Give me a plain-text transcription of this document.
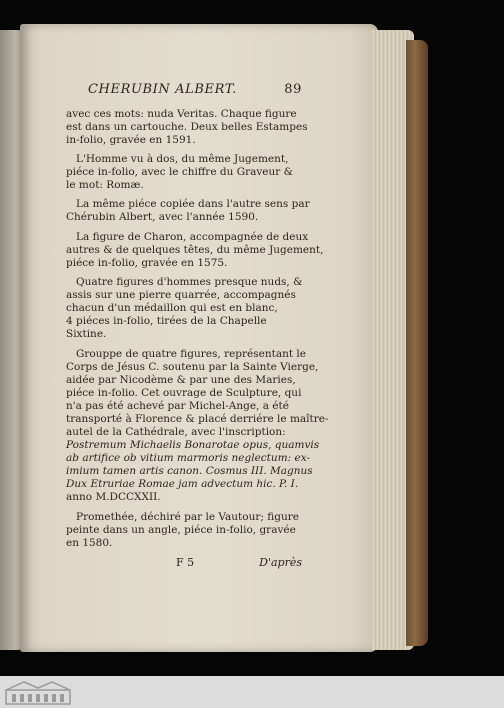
CHERUBIN ALBERT.	89
avec ces mots: nuda Veritas. Chaque figure
est dans un cartouche. Deux belles Estampes
in-folio, gravée en 1591.
L'Homme vu à dos, du même Jugement,
piéce in-folio, avec le chiffre du Graveur &
le mot: Romæ.
La même piéce copiée dans l'autre sens par
Chérubin Albert, avec l'année 1590.
La figure de Charon, accompagnée de deux
autres & de quelques têtes, du même Jugement,
piéce in-folio, gravée en 1575.
Quatre figures d'hommes presque nuds, &
assis sur une pierre quarrée, accompagnés
chacun d'un médaillon qui est en blanc,
4 piéces in-folio, tirées de la Chapelle
Sixtine.
Grouppe de quatre figures, représentant le
Corps de Jésus C. soutenu par la Sainte Vierge,
aidée par Nicodème & par une des Maries,
piéce in-folio. Cet ouvrage de Sculpture, qui
n'a pas été achevé par Michel-Ange, a été
transporté à Florence & placé derriére le maître-
autel de la Cathédrale, avec l'inscription:
Postremum Michaelis Bonarotae opus, quamvis
ab artifice ob vitium marmoris neglectum: ex-
imium tamen artis canon. Cosmus III. Magnus
Dux Etruriae Romae jam advectum hic. P. I.
anno M.DCCXXII.
Promethée, déchiré par le Vautour; figure
peinte dans un angle, piéce in-folio, gravée
en 1580.
F 5	D'après
